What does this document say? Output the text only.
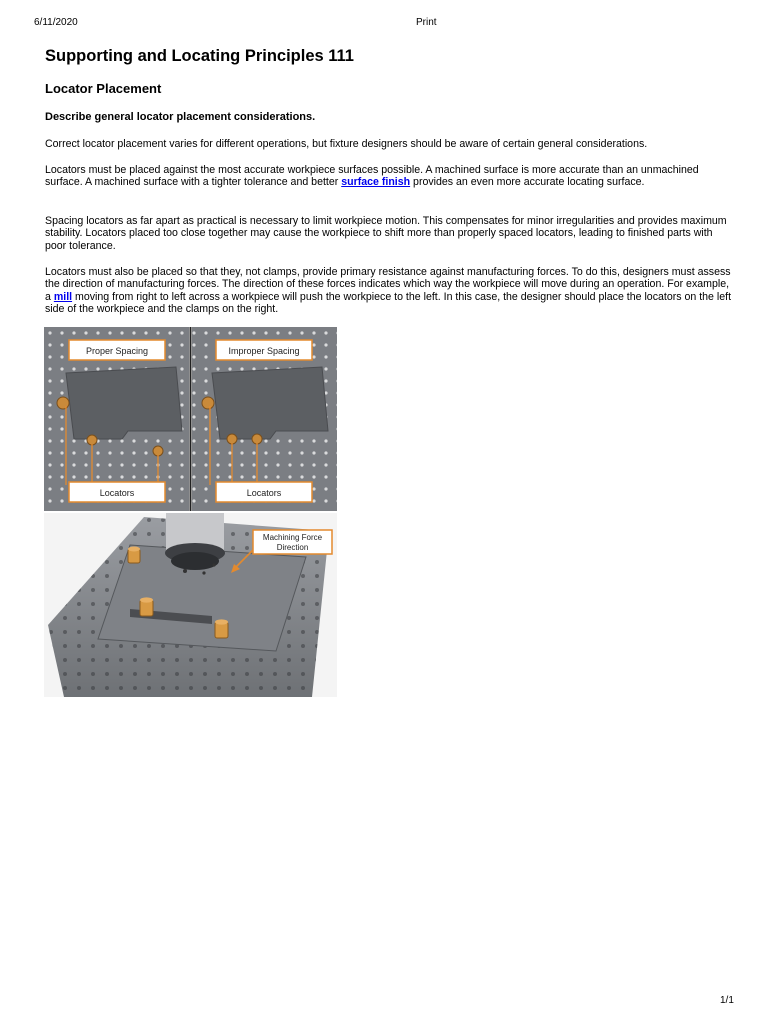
6/11/2020	Print
Supporting and Locating Principles 111
Locator Placement

Describe general locator placement considerations.

Correct locator placement varies for different operations, but fixture designers should be aware of certain general considerations.

Locators must be placed against the most accurate workpiece surfaces possible. A machined surface is more accurate than an unmachined surface. A machined surface with a tighter tolerance and better surface finish provides an even more accurate locating surface.

Spacing locators as far apart as practical is necessary to limit workpiece motion. This compensates for minor irregularities and provides maximum stability. Locators placed too close together may cause the workpiece to shift more than properly spaced locators, leading to finished parts with poor tolerance.

Locators must also be placed so that they, not clamps, provide primary resistance against manufacturing forces. To do this, designers must assess the direction of manufacturing forces. The direction of these forces indicates which way the workpiece will move during an operation. For example, a mill moving from right to left across a workpiece will push the workpiece to the left. In this case, the designer should place the locators on the left side of the workpiece and the clamps on the right.

Proper Spacing
Locators
Improper Spacing
Locators
Machining Force
Direction
1/1
